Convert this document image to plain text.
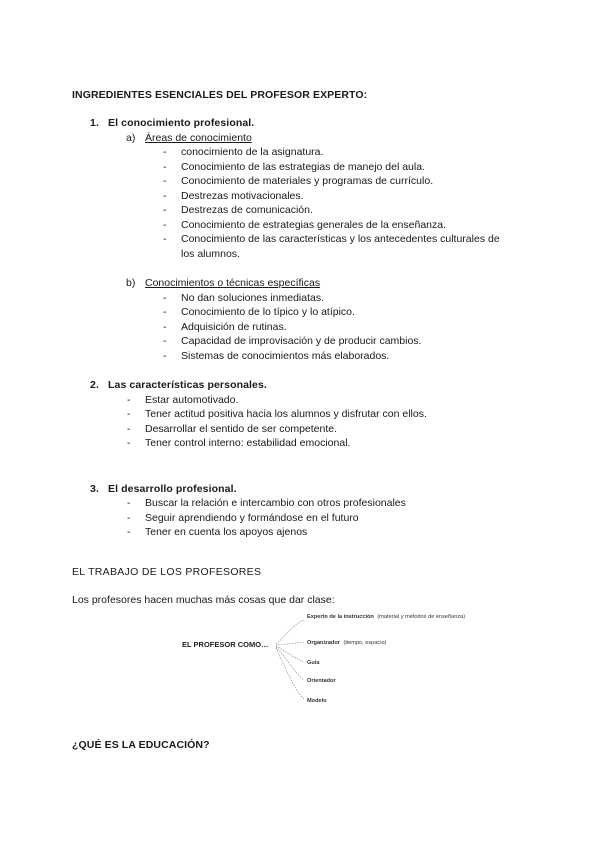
INGREDIENTES ESENCIALES DEL PROFESOR EXPERTO:
1. El conocimiento profesional.
a) Áreas de conocimiento
- conocimiento de la asignatura.
- Conocimiento de las estrategias de manejo del aula.
- Conocimiento de materiales y programas de currículo.
- Destrezas motivacionales.
- Destrezas de comunicación.
- Conocimiento de estrategias generales de la enseñanza.
- Conocimiento de las características y los antecedentes culturales de
los alumnos.
b) Conocimientos o técnicas específicas
- No dan soluciones inmediatas.
- Conocimiento de lo típico y lo atípico.
- Adquisición de rutinas.
- Capacidad de improvisación y de producir cambios.
- Sistemas de conocimientos más elaborados.
2. Las características personales.
- Estar automotivado.
- Tener actitud positiva hacia los alumnos y disfrutar con ellos.
- Desarrollar el sentido de ser competente.
- Tener control interno: estabilidad emocional.
3. El desarrollo profesional.
- Buscar la relación e intercambio con otros profesionales
- Seguir aprendiendo y formándose en el futuro
- Tener en cuenta los apoyos ajenos
EL TRABAJO DE LOS PROFESORES
Los profesores hacen muchas más cosas que dar clase:
EL PROFESOR COMO…
Experto de la instrucción (material y métodos de enseñanza)
Organizador (tiempo, espacio)
Guía
Orientador
Modelo
¿QUÉ ES LA EDUCACIÓN?
